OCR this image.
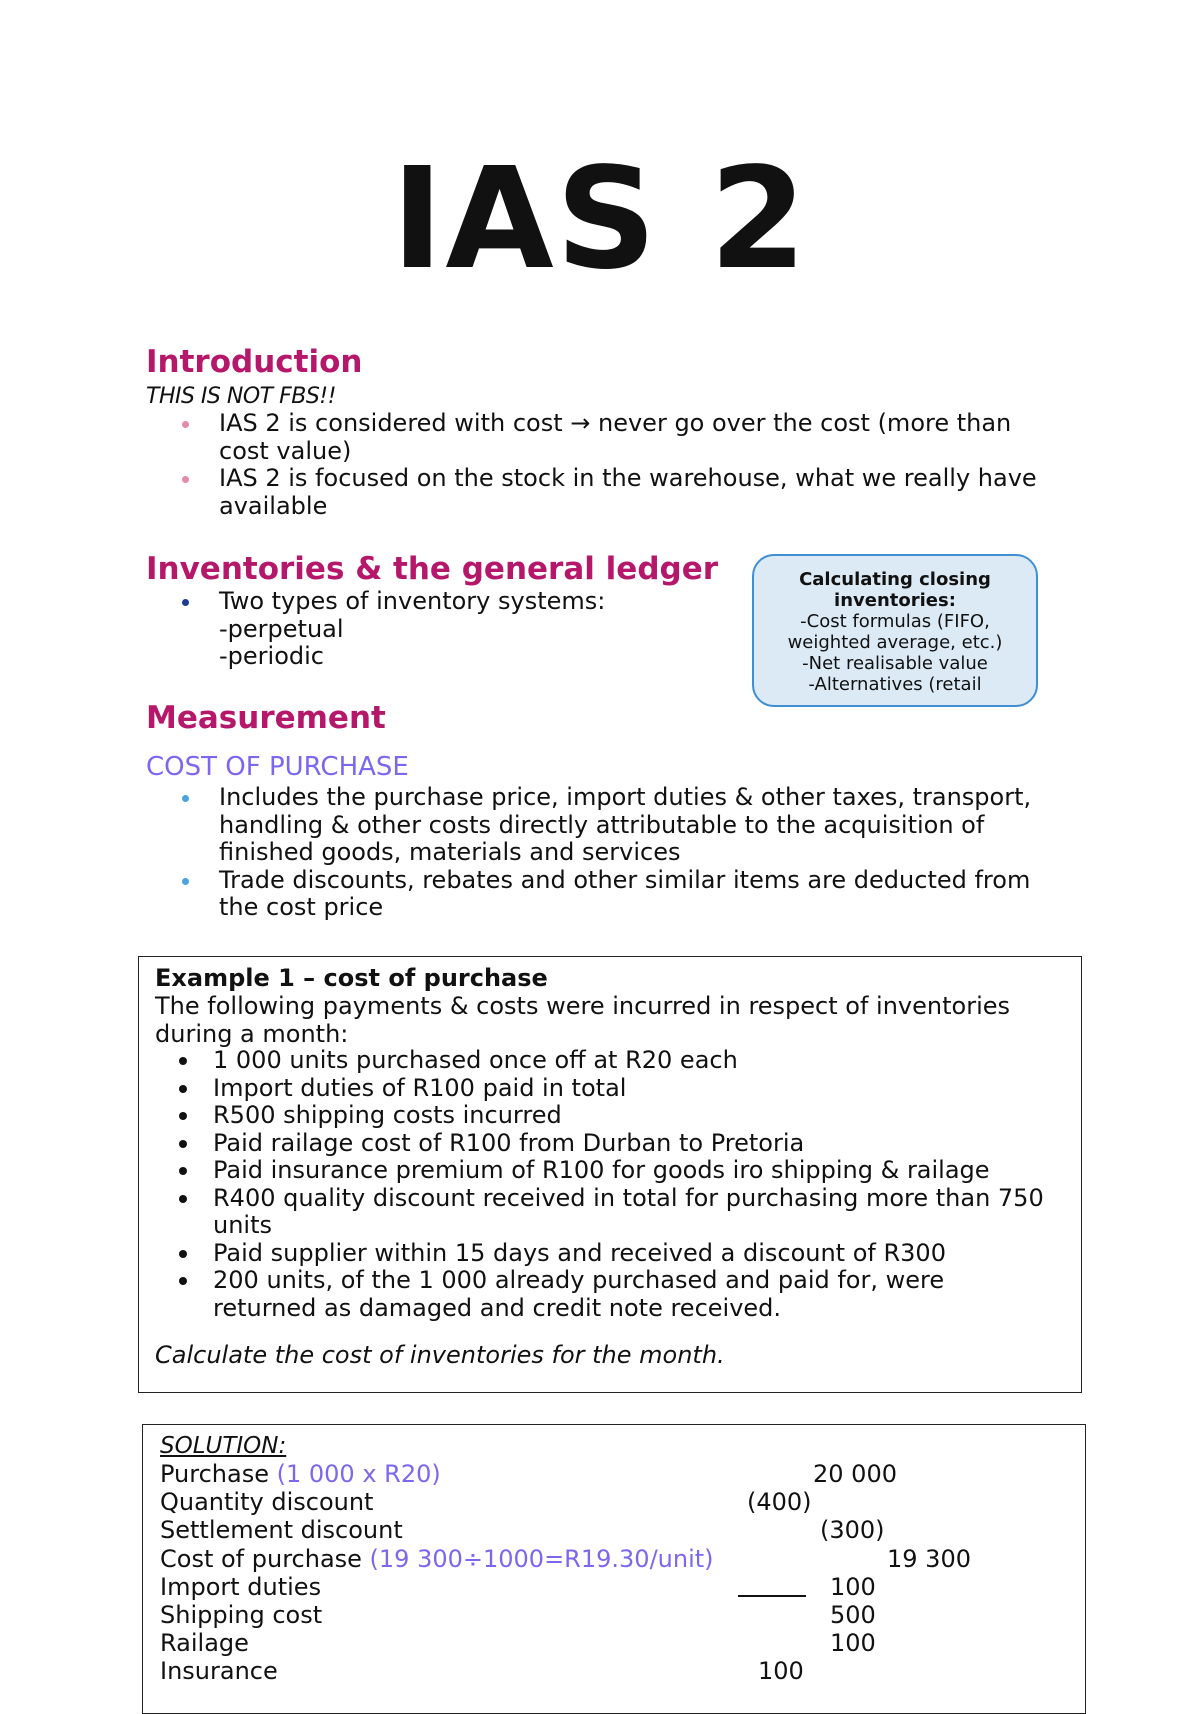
IAS 2
Introduction
THIS IS NOT FBS!!
IAS 2 is considered with cost → never go over the cost (more than
cost value)
IAS 2 is focused on the stock in the warehouse, what we really have
available
Inventories & the general ledger
Two types of inventory systems:
-perpetual
-periodic
Calculating closing
inventories:
-Cost formulas (FIFO,
weighted average, etc.)
-Net realisable value
-Alternatives (retail
Measurement
COST OF PURCHASE
Includes the purchase price, import duties & other taxes, transport,
handling & other costs directly attributable to the acquisition of
finished goods, materials and services
Trade discounts, rebates and other similar items are deducted from
the cost price
Example 1 – cost of purchase
The following payments & costs were incurred in respect of inventories
during a month:
1 000 units purchased once off at R20 each
Import duties of R100 paid in total
R500 shipping costs incurred
Paid railage cost of R100 from Durban to Pretoria
Paid insurance premium of R100 for goods iro shipping & railage
R400 quality discount received in total for purchasing more than 750
units
Paid supplier within 15 days and received a discount of R300
200 units, of the 1 000 already purchased and paid for, were
returned as damaged and credit note received.
Calculate the cost of inventories for the month.
SOLUTION:
Purchase (1 000 x R20)	20 000
Quantity discount	(400)
Settlement discount	(300)
Cost of purchase (19 300÷1000=R19.30/unit)	19 300
Import duties	100
Shipping cost	500
Railage	100
Insurance	100
